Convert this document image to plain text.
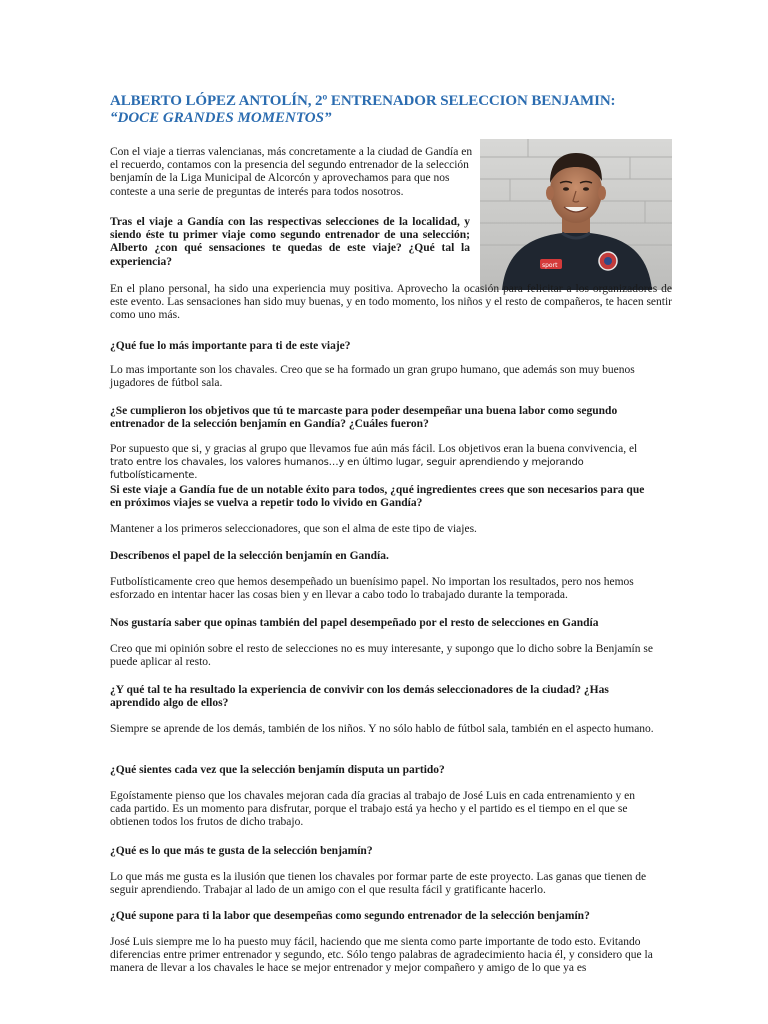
ALBERTO LÓPEZ ANTOLÍN, 2º ENTRENADOR SELECCION BENJAMIN:
“DOCE GRANDES MOMENTOS”
sport

Con el viaje a tierras valencianas, más concretamente a la ciudad de Gandía en el recuerdo, contamos con la presencia del segundo entrenador de la selección benjamín de la Liga Municipal de Alcorcón y aprovechamos para que nos conteste a una serie de preguntas de interés para todos nosotros.

Tras el viaje a Gandía con las respectivas selecciones de la localidad, y siendo éste tu primer viaje como segundo entrenador de una selección; Alberto ¿con qué sensaciones te quedas de este viaje? ¿Qué tal la experiencia?

En el plano personal, ha sido una experiencia muy positiva. Aprovecho la ocasión para felicitar a los organizadores de este evento. Las sensaciones han sido muy buenas, y en todo momento, los niños y el resto de compañeros, te hacen sentir como uno más.

¿Qué fue lo más importante para ti de este viaje?

Lo mas importante son los chavales. Creo que se ha formado un gran grupo humano, que además son muy buenos jugadores de fútbol sala.

¿Se cumplieron los objetivos que tú te marcaste para poder desempeñar una buena labor como segundo entrenador de la selección benjamín en Gandía? ¿Cuáles fueron?

Por supuesto que si, y gracias al grupo que llevamos fue aún más fácil. Los objetivos eran la buena convivencia, el
trato entre los chavales, los valores humanos…y en último lugar, seguir aprendiendo y mejorando futbolísticamente.

Si este viaje a Gandía fue de un notable éxito para todos, ¿qué ingredientes crees que son necesarios para que en próximos viajes se vuelva a repetir todo lo vivido en Gandía?

Mantener a los primeros seleccionadores, que son el alma de este tipo de viajes.

Descríbenos el papel de la selección benjamín en Gandía.

Futbolísticamente creo que hemos desempeñado un buenísimo papel. No importan los resultados, pero nos hemos esforzado en intentar hacer las cosas bien y en llevar a cabo todo lo trabajado durante la temporada.

Nos gustaría saber que opinas también del papel desempeñado por el resto de selecciones en Gandía

Creo que mi opinión sobre el resto de selecciones no es muy interesante, y supongo que lo dicho sobre la Benjamín se puede aplicar al resto.

¿Y qué tal te ha resultado la experiencia de convivir con los demás seleccionadores de la ciudad? ¿Has aprendido algo de ellos?

Siempre se aprende de los demás, también de los niños. Y no sólo hablo de fútbol sala, también en el aspecto humano.

¿Qué sientes cada vez que la selección benjamín disputa un partido?

Egoístamente pienso que los chavales mejoran cada día gracias al trabajo de José Luis en cada entrenamiento y en cada partido. Es un momento para disfrutar, porque el trabajo está ya hecho y el partido es el tiempo en el que se obtienen todos los frutos de dicho trabajo.

¿Qué es lo que más te gusta de la selección benjamín?

Lo que más me gusta es la ilusión que tienen los chavales por formar parte de este proyecto. Las ganas que tienen de seguir aprendiendo. Trabajar al lado de un amigo con el que resulta fácil y gratificante hacerlo.

¿Qué supone para ti la labor que desempeñas como segundo entrenador de la selección benjamín?

José Luis siempre me lo ha puesto muy fácil, haciendo que me sienta como parte importante de todo esto. Evitando diferencias entre primer entrenador y segundo, etc. Sólo tengo palabras de agradecimiento hacia él, y considero que la manera de llevar a los chavales le hace se mejor entrenador y mejor compañero y amigo de lo que ya es
